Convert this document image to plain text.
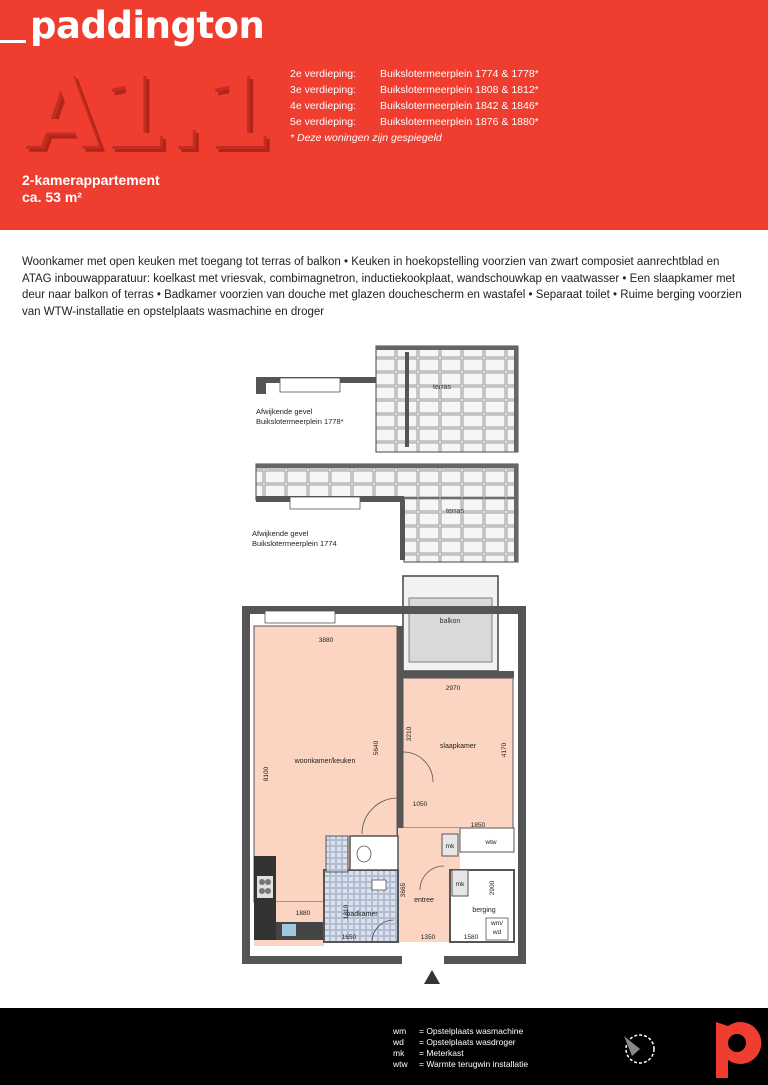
paddington
A1.1 2e verdieping: Buikslotermeerplein 1774 & 1778*
3e verdieping: Buikslotermeerplein 1808 & 1812*
4e verdieping: Buikslotermeerplein 1842 & 1846*
5e verdieping: Buikslotermeerplein 1876 & 1880*
* Deze woningen zijn gespiegeld
2-kamerappartement
ca. 53 m²
Woonkamer met open keuken met toegang tot terras of balkon • Keuken in hoekopstelling voorzien van zwart composiet aanrechtblad en ATAG inbouwapparatuur: koelkast met vriesvak, combimagnetron, inductiekookplaat, wandschouwkap en vaatwasser • Een slaapkamer met deur naar balkon of terras • Badkamer voorzien van douche met glazen douchescherm en wastafel • Separaat toilet • Ruime berging voorzien van WTW-installatie en opstelplaats wasmachine en droger
terras
Afwijkende gevel
Buikslotermeerplein 1778*
terras
Afwijkende gevel
Buikslotermeerplein 1774
balkon
woonkamer/keuken
slaapkamer
badkamer
entree
berging
mk
mk
wtw
wm/
wd
3880
2970
8100
5640
3210
4170
1050
1850
3665
1880	1810
1650	1350	1580
2900
wm = Opstelplaats wasmachine
wd = Opstelplaats wasdroger
mk = Meterkast
wtw = Warmte terugwin installatie
